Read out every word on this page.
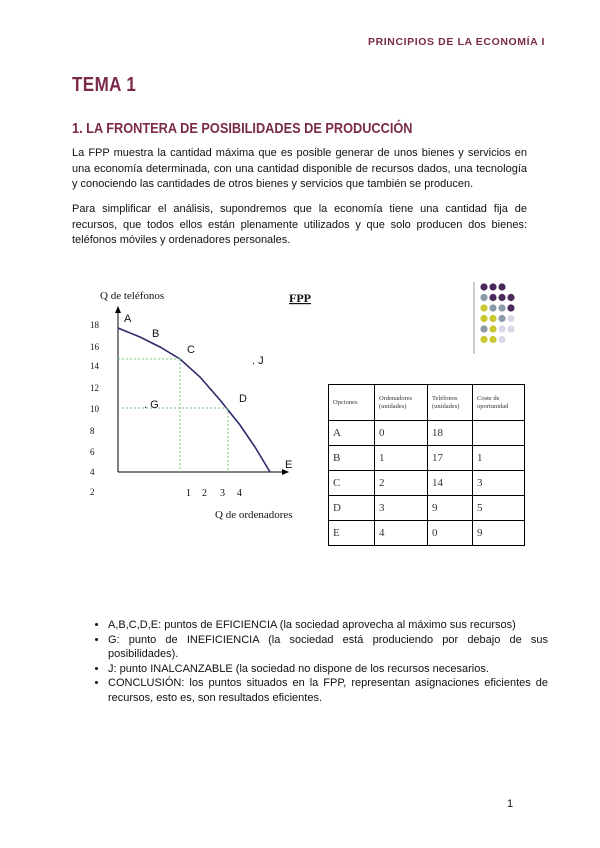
PRINCIPIOS DE LA ECONOMÍA I
TEMA 1
1. LA FRONTERA DE POSIBILIDADES DE PRODUCCIÓN
La FPP muestra la cantidad máxima que es posible generar de unos bienes y servicios en una economía determinada, con una cantidad disponible de recursos dados, una tecnología y conociendo las cantidades de otros bienes y servicios que también se producen.
Para simplificar el análisis, supondremos que la economía tiene una cantidad fija de recursos, que todos ellos están plenamente utilizados y que solo producen dos bienes: teléfonos móviles y ordenadores personales.
Q de teléfonos
Q de ordenadores
FPP
18
16
14
12
10
8
6
4
2	1 2 3 4
A
B
C
D
E
. G
. J
Opciones	Ordenadores (unidades)	Teléfonos (unidades)	Coste de oportunidad
A	0	18	
B	1	17	1
C	2	14	3
D	3	9	5
E	4	0	9
• A,B,C,D,E: puntos de EFICIENCIA (la sociedad aprovecha al máximo sus recursos)
• G: punto de INEFICIENCIA (la sociedad está produciendo por debajo de sus posibilidades).
• J: punto INALCANZABLE (la sociedad no dispone de los recursos necesarios.
• CONCLUSIÓN: los puntos situados en la FPP, representan asignaciones eficientes de recursos, esto es, son resultados eficientes.
1
